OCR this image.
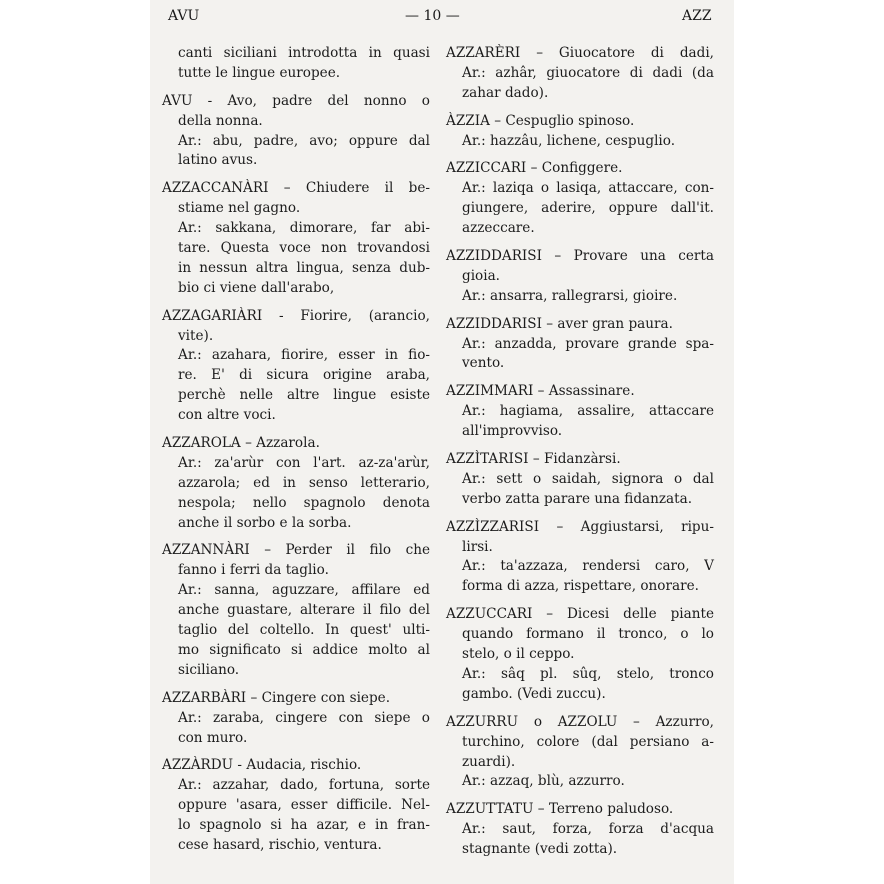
AVU	— 10 —	AZZ
canti siciliani introdotta in quasi
tutte le lingue europee.
AVU - Avo, padre del nonno o
della nonna.
Ar.: abu, padre, avo; oppure dal
latino avus.
AZZACCANÀRI – Chiudere il be-
stiame nel gagno.
Ar.: sakkana, dimorare, far abi-
tare. Questa voce non trovandosi
in nessun altra lingua, senza dub-
bio ci viene dall'arabo,
AZZAGARIÀRI - Fiorire, (arancio,
vite).
Ar.: azahara, fiorire, esser in fio-
re. E' di sicura origine araba,
perchè nelle altre lingue esiste
con altre voci.
AZZAROLA – Azzarola.
Ar.: za'arùr con l'art. az-za'arùr,
azzarola; ed in senso letterario,
nespola; nello spagnolo denota
anche il sorbo e la sorba.
AZZANNÀRI – Perder il filo che
fanno i ferri da taglio.
Ar.: sanna, aguzzare, affilare ed
anche guastare, alterare il filo del
taglio del coltello. In quest' ulti-
mo significato si addice molto al
siciliano.
AZZARBÀRI – Cingere con siepe.
Ar.: zaraba, cingere con siepe o
con muro.
AZZÀRDU - Audacia, rischio.
Ar.: azzahar, dado, fortuna, sorte
oppure 'asara, esser difficile. Nel-
lo spagnolo si ha azar, e in fran-
cese hasard, rischio, ventura.
AZZARÈRI – Giuocatore di dadi,
Ar.: azhâr, giuocatore di dadi (da
zahar dado).
ÀZZIA – Cespuglio spinoso.
Ar.: hazzâu, lichene, cespuglio.
AZZICCARI – Configgere.
Ar.: laziqa o lasiqa, attaccare, con-
giungere, aderire, oppure dall'it.
azzeccare.
AZZIDDARISI – Provare una certa
gioia.
Ar.: ansarra, rallegrarsi, gioire.
AZZIDDARISI – aver gran paura.
Ar.: anzadda, provare grande spa-
vento.
AZZIMMARI – Assassinare.
Ar.: hagiama, assalire, attaccare
all'improvviso.
AZZÌTARISI – Fidanzàrsi.
Ar.: sett o saidah, signora o dal
verbo zatta parare una fidanzata.
AZZÌZZARISI – Aggiustarsi, ripu-
lirsi.
Ar.: ta'azzaza, rendersi caro, V
forma di azza, rispettare, onorare.
AZZUCCARI – Dicesi delle piante
quando formano il tronco, o lo
stelo, o il ceppo.
Ar.: sâq pl. sûq, stelo, tronco
gambo. (Vedi zuccu).
AZZURRU o AZZOLU – Azzurro,
turchino, colore (dal persiano a-
zuardi).
Ar.: azzaq, blù, azzurro.
AZZUTTATU – Terreno paludoso.
Ar.: saut, forza, forza d'acqua
stagnante (vedi zotta).
